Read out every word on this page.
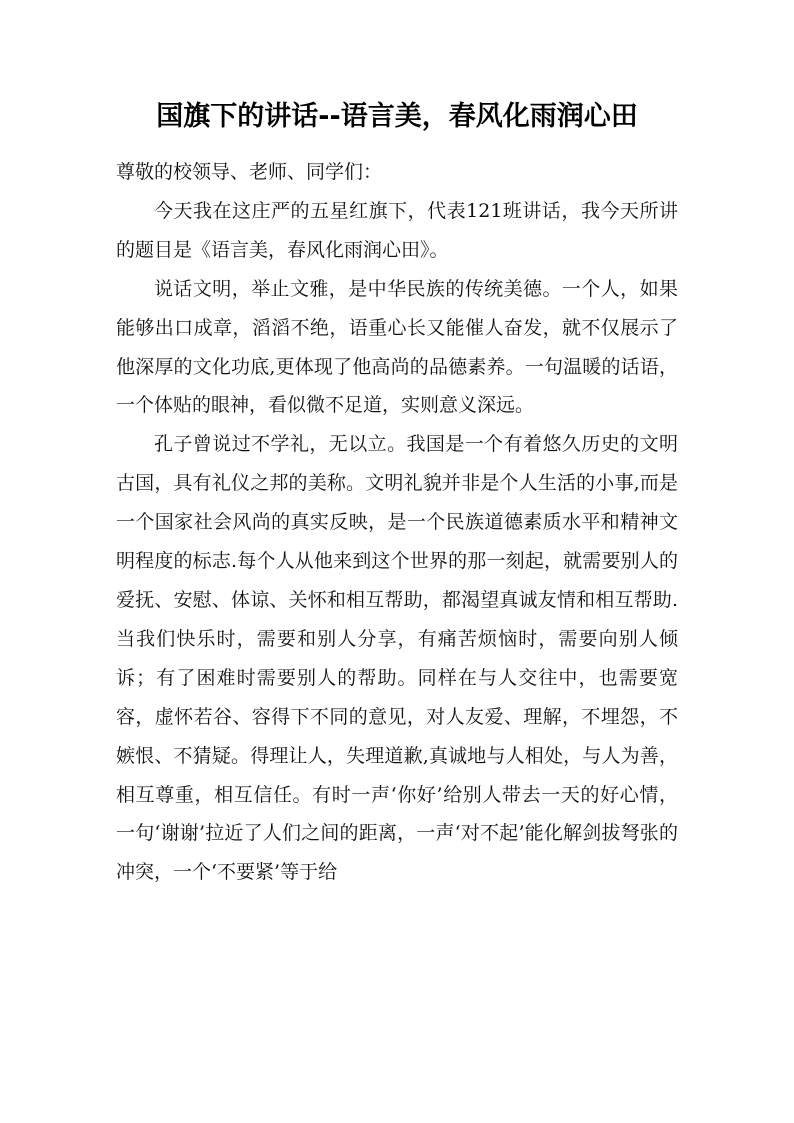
国旗下的讲话--语言美，春风化雨润心田

尊敬的校领导、老师、同学们：

今天我在这庄严的五星红旗下，代表121班讲话，我今天所讲的题目是《语言美，春风化雨润心田》。

说话文明，举止文雅，是中华民族的传统美德。一个人，如果能够出口成章，滔滔不绝，语重心长又能催人奋发，就不仅展示了他深厚的文化功底,更体现了他高尚的品德素养。一句温暖的话语，一个体贴的眼神，看似微不足道，实则意义深远。

孔子曾说过不学礼，无以立。我国是一个有着悠久历史的文明古国，具有礼仪之邦的美称。文明礼貌并非是个人生活的小事,而是一个国家社会风尚的真实反映，是一个民族道德素质水平和精神文明程度的标志.每个人从他来到这个世界的那一刻起，就需要别人的爱抚、安慰、体谅、关怀和相互帮助，都渴望真诚友情和相互帮助.当我们快乐时，需要和别人分享，有痛苦烦恼时，需要向别人倾诉；有了困难时需要别人的帮助。同样在与人交往中，也需要宽容，虚怀若谷、容得下不同的意见，对人友爱、理解，不埋怨，不嫉恨、不猜疑。得理让人，失理道歉,真诚地与人相处，与人为善，相互尊重，相互信任。有时一声‘你好’给别人带去一天的好心情，一句‘谢谢’拉近了人们之间的距离，一声‘对不起’能化解剑拔弩张的冲突，一个‘不要紧’等于给
